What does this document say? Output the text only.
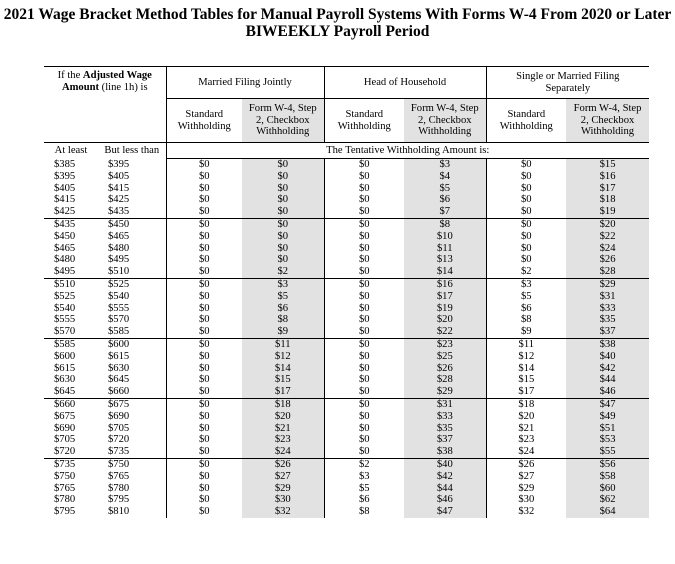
2021 Wage Bracket Method Tables for Manual Payroll Systems With Forms W-4 From 2020 or Later
BIWEEKLY Payroll Period
If the Adjusted Wage
Amount (line 1h) is		Married Filing Jointly		Head of Household		Single or Married Filing
Separately	
		Standard
Withholding	Form W-4, Step
2, Checkbox
Withholding	Standard
Withholding	Form W-4, Step
2, Checkbox
Withholding	Standard
Withholding	Form W-4, Step
2, Checkbox
Withholding
At least	But less than	The Tentative Withholding Amount is:					
$385	$395	$0	$0	$0	$3	$0	$15
$395	$405	$0	$0	$0	$4	$0	$16
$405	$415	$0	$0	$0	$5	$0	$17
$415	$425	$0	$0	$0	$6	$0	$18
$425	$435	$0	$0	$0	$7	$0	$19
$435	$450	$0	$0	$0	$8	$0	$20
$450	$465	$0	$0	$0	$10	$0	$22
$465	$480	$0	$0	$0	$11	$0	$24
$480	$495	$0	$0	$0	$13	$0	$26
$495	$510	$0	$2	$0	$14	$2	$28
$510	$525	$0	$3	$0	$16	$3	$29
$525	$540	$0	$5	$0	$17	$5	$31
$540	$555	$0	$6	$0	$19	$6	$33
$555	$570	$0	$8	$0	$20	$8	$35
$570	$585	$0	$9	$0	$22	$9	$37
$585	$600	$0	$11	$0	$23	$11	$38
$600	$615	$0	$12	$0	$25	$12	$40
$615	$630	$0	$14	$0	$26	$14	$42
$630	$645	$0	$15	$0	$28	$15	$44
$645	$660	$0	$17	$0	$29	$17	$46
$660	$675	$0	$18	$0	$31	$18	$47
$675	$690	$0	$20	$0	$33	$20	$49
$690	$705	$0	$21	$0	$35	$21	$51
$705	$720	$0	$23	$0	$37	$23	$53
$720	$735	$0	$24	$0	$38	$24	$55
$735	$750	$0	$26	$2	$40	$26	$56
$750	$765	$0	$27	$3	$42	$27	$58
$765	$780	$0	$29	$5	$44	$29	$60
$780	$795	$0	$30	$6	$46	$30	$62
$795	$810	$0	$32	$8	$47	$32	$64
